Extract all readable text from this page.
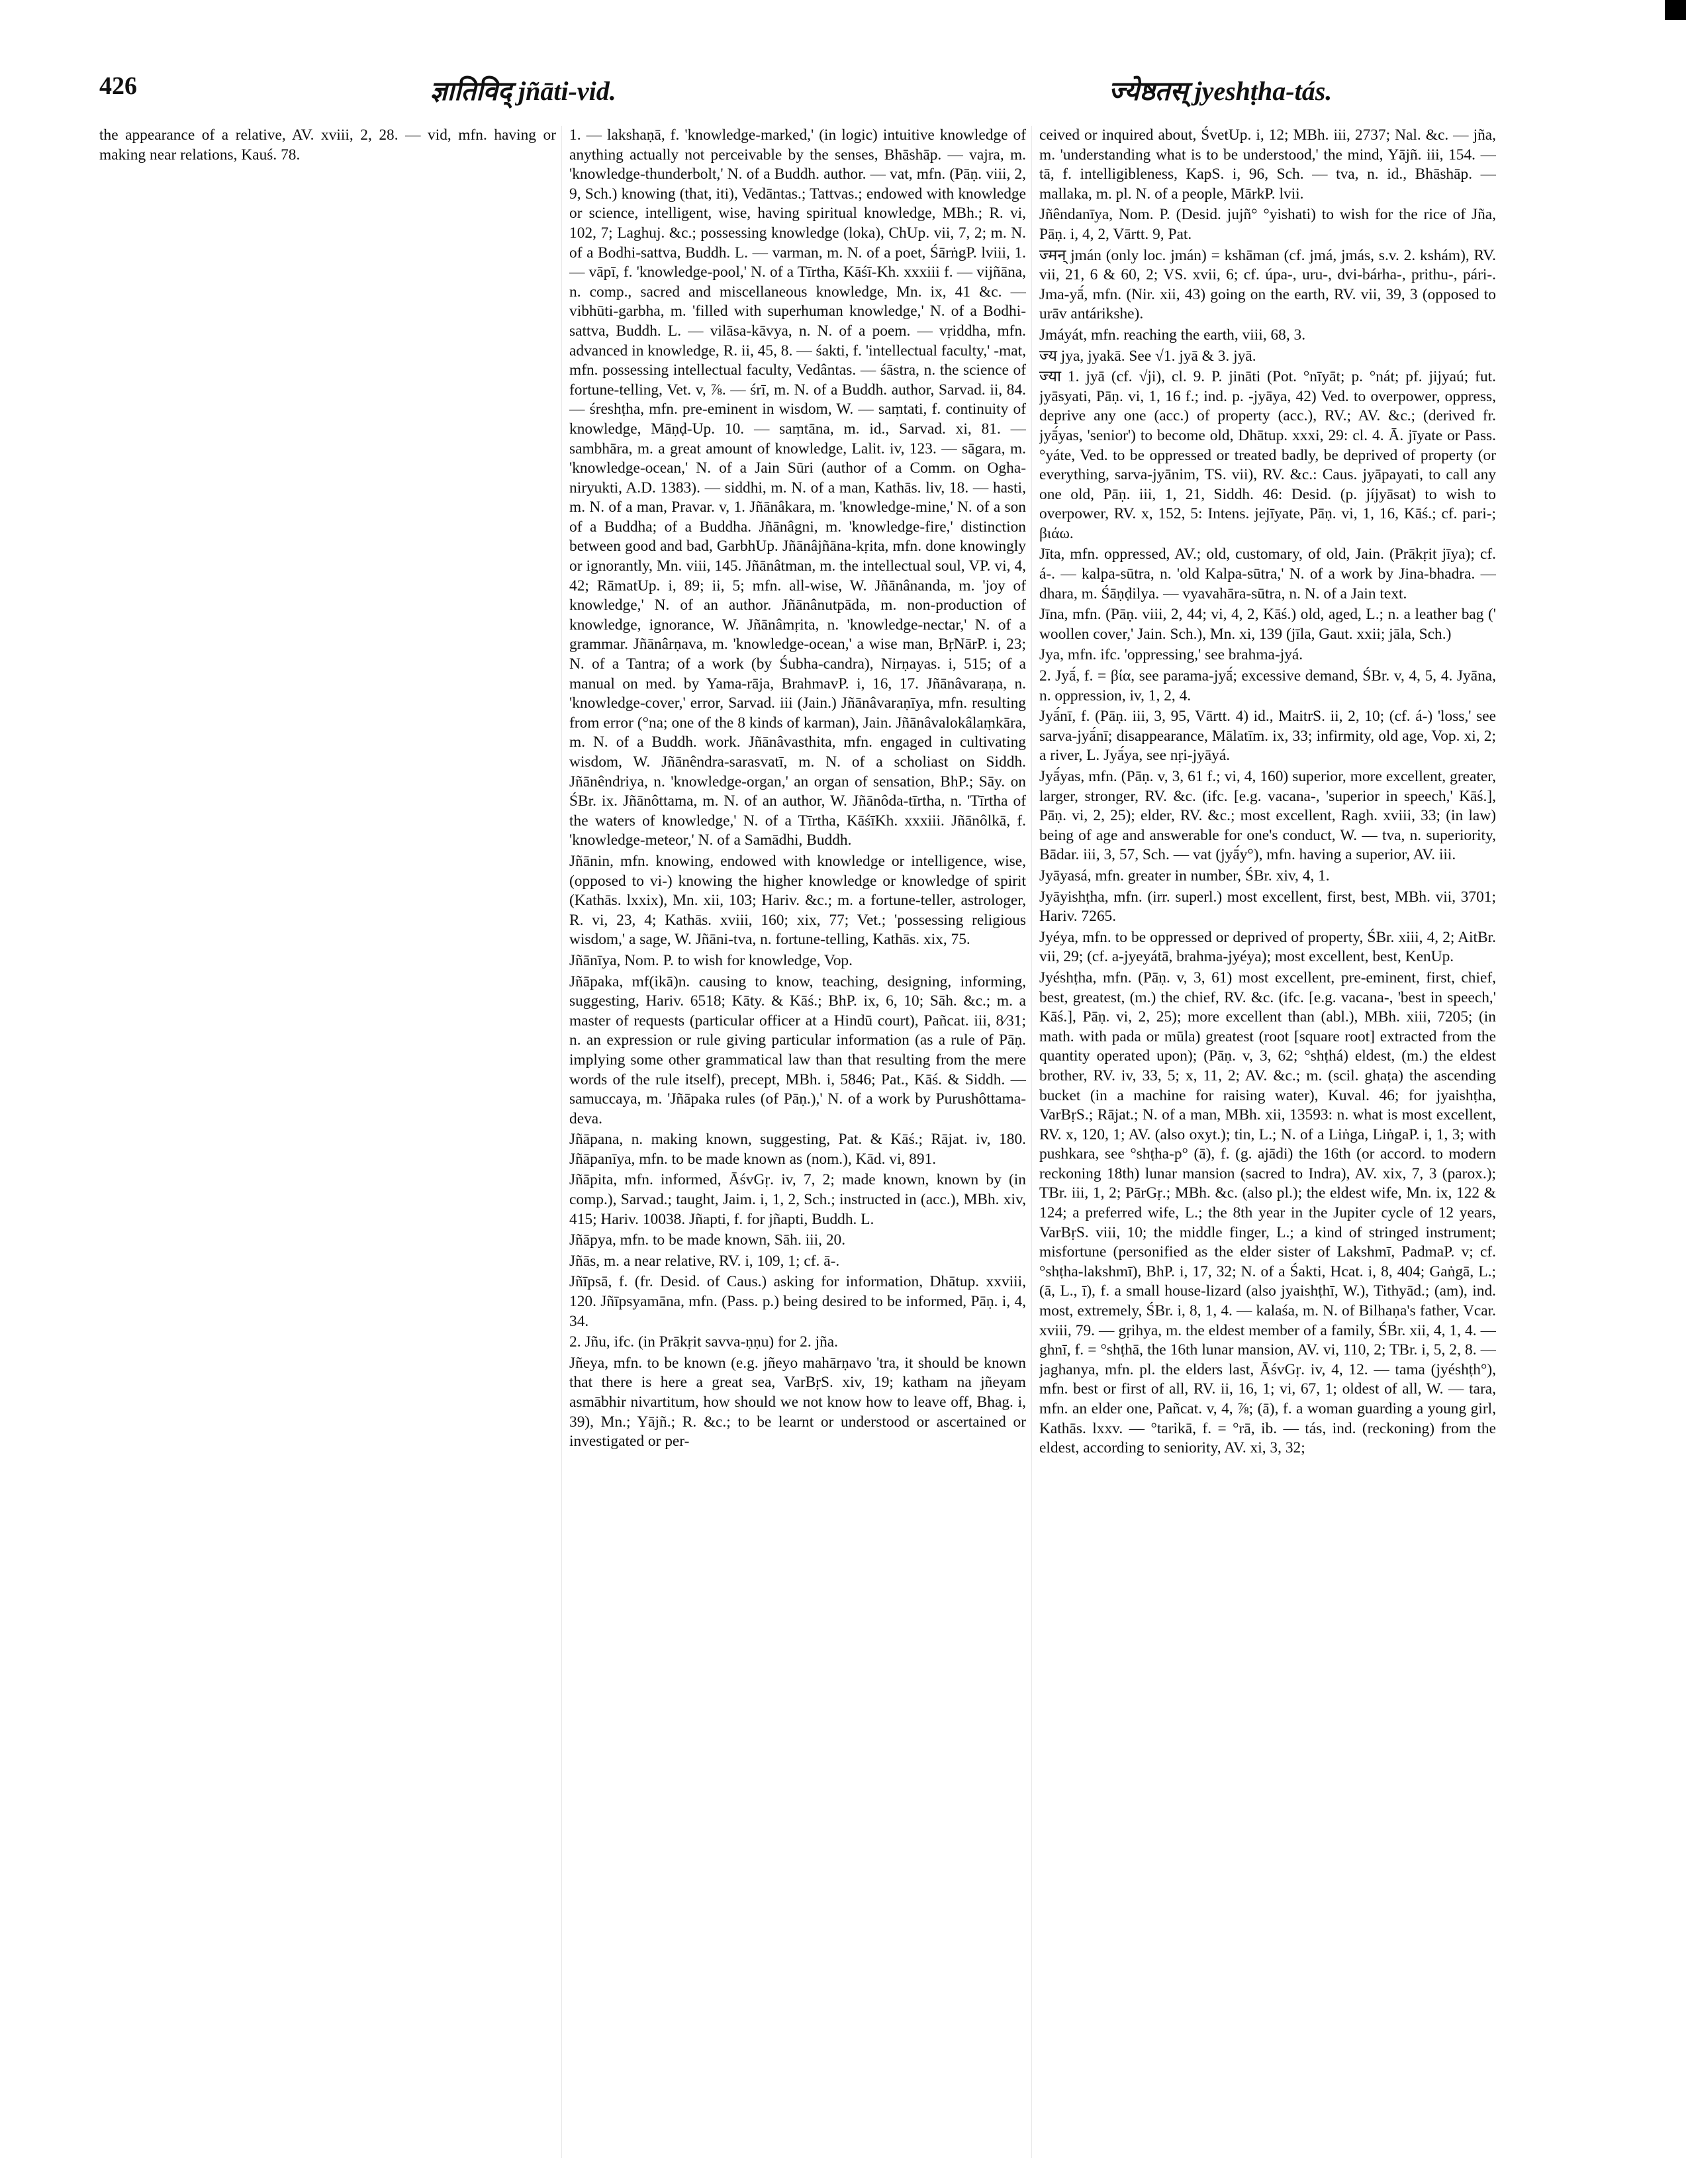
426	ज्ञातिविद् jñāti-vid.	ज्येष्ठतस् jyeshṭha-tás.

the appearance of a relative, AV. xviii, 2, 28. — vid, mfn. having or making near relations, Kauś. 78.

1. — lakshaṇā, f. 'knowledge-marked,' (in logic) intuitive knowledge of anything actually not perceivable by the senses, Bhāshāp. — vajra, m. 'knowledge-thunderbolt,' N. of a Buddh. author. — vat, mfn. (Pāṇ. viii, 2, 9, Sch.) knowing (that, iti), Vedāntas.; Tattvas.; endowed with knowledge or science, intelligent, wise, having spiritual knowledge, MBh.; R. vi, 102, 7; Laghuj. &c.; possessing knowledge (loka), ChUp. vii, 7, 2; m. N. of a Bodhi-sattva, Buddh. L. — varman, m. N. of a poet, ŚārṅgP. lviii, 1. — vāpī, f. 'knowledge-pool,' N. of a Tīrtha, Kāśī-Kh. xxxiii f. — vijñāna, n. comp., sacred and miscellaneous knowledge, Mn. ix, 41 &c. — vibhūti-garbha, m. 'filled with superhuman knowledge,' N. of a Bodhi-sattva, Buddh. L. — vilāsa-kāvya, n. N. of a poem. — vṛiddha, mfn. advanced in knowledge, R. ii, 45, 8. — śakti, f. 'intellectual faculty,' -mat, mfn. possessing intellectual faculty, Vedântas. — śāstra, n. the science of fortune-telling, Vet. v, ⅞. — śrī, m. N. of a Buddh. author, Sarvad. ii, 84. — śreshṭha, mfn. pre-eminent in wisdom, W. — saṃtati, f. continuity of knowledge, Māṇḍ-Up. 10. — saṃtāna, m. id., Sarvad. xi, 81. — sambhāra, m. a great amount of knowledge, Lalit. iv, 123. — sāgara, m. 'knowledge-ocean,' N. of a Jain Sūri (author of a Comm. on Ogha-niryukti, A.D. 1383). — siddhi, m. N. of a man, Kathās. liv, 18. — hasti, m. N. of a man, Pravar. v, 1. Jñānâkara, m. 'knowledge-mine,' N. of a son of a Buddha; of a Buddha. Jñānâgni, m. 'knowledge-fire,' distinction between good and bad, GarbhUp. Jñānâjñāna-kṛita, mfn. done knowingly or ignorantly, Mn. viii, 145. Jñānâtman, m. the intellectual soul, VP. vi, 4, 42; RāmatUp. i, 89; ii, 5; mfn. all-wise, W. Jñānânanda, m. 'joy of knowledge,' N. of an author. Jñānânutpāda, m. non-production of knowledge, ignorance, W. Jñānâmṛita, n. 'knowledge-nectar,' N. of a grammar. Jñānârṇava, m. 'knowledge-ocean,' a wise man, BṛNārP. i, 23; N. of a Tantra; of a work (by Śubha-candra), Nirṇayas. i, 515; of a manual on med. by Yama-rāja, BrahmavP. i, 16, 17. Jñānâvaraṇa, n. 'knowledge-cover,' error, Sarvad. iii (Jain.) Jñānâvaraṇīya, mfn. resulting from error (°na; one of the 8 kinds of karman), Jain. Jñānâvalokâlaṃkāra, m. N. of a Buddh. work. Jñānâvasthita, mfn. engaged in cultivating wisdom, W. Jñānêndra-sarasvatī, m. N. of a scholiast on Siddh. Jñānêndriya, n. 'knowledge-organ,' an organ of sensation, BhP.; Sāy. on ŚBr. ix. Jñānôttama, m. N. of an author, W. Jñānôda-tīrtha, n. 'Tīrtha of the waters of knowledge,' N. of a Tīrtha, KāśīKh. xxxiii. Jñānôlkā, f. 'knowledge-meteor,' N. of a Samādhi, Buddh.

Jñānin, mfn. knowing, endowed with knowledge or intelligence, wise, (opposed to vi-) knowing the higher knowledge or knowledge of spirit (Kathās. lxxix), Mn. xii, 103; Hariv. &c.; m. a fortune-teller, astrologer, R. vi, 23, 4; Kathās. xviii, 160; xix, 77; Vet.; 'possessing religious wisdom,' a sage, W. Jñāni-tva, n. fortune-telling, Kathās. xix, 75.

Jñānīya, Nom. P. to wish for knowledge, Vop.

Jñāpaka, mf(ikā)n. causing to know, teaching, designing, informing, suggesting, Hariv. 6518; Kāty. & Kāś.; BhP. ix, 6, 10; Sāh. &c.; m. a master of requests (particular officer at a Hindū court), Pañcat. iii, 8⁄31; n. an expression or rule giving particular information (as a rule of Pāṇ. implying some other grammatical law than that resulting from the mere words of the rule itself), precept, MBh. i, 5846; Pat., Kāś. & Siddh. — samuccaya, m. 'Jñāpaka rules (of Pāṇ.),' N. of a work by Purushôttama-deva.

Jñāpana, n. making known, suggesting, Pat. & Kāś.; Rājat. iv, 180. Jñāpanīya, mfn. to be made known as (nom.), Kād. vi, 891.

Jñāpita, mfn. informed, ĀśvGṛ. iv, 7, 2; made known, known by (in comp.), Sarvad.; taught, Jaim. i, 1, 2, Sch.; instructed in (acc.), MBh. xiv, 415; Hariv. 10038. Jñapti, f. for jñapti, Buddh. L.

Jñāpya, mfn. to be made known, Sāh. iii, 20.

Jñās, m. a near relative, RV. i, 109, 1; cf. ā-.

Jñīpsā, f. (fr. Desid. of Caus.) asking for information, Dhātup. xxviii, 120. Jñīpsyamāna, mfn. (Pass. p.) being desired to be informed, Pāṇ. i, 4, 34.

2. Jñu, ifc. (in Prākṛit savva-ṇṇu) for 2. jña.

Jñeya, mfn. to be known (e.g. jñeyo mahārṇavo 'tra, it should be known that there is here a great sea, VarBṛS. xiv, 19; katham na jñeyam asmābhir nivartitum, how should we not know how to leave off, Bhag. i, 39), Mn.; Yājñ.; R. &c.; to be learnt or understood or ascertained or investigated or per-

ceived or inquired about, ŚvetUp. i, 12; MBh. iii, 2737; Nal. &c. — jña, m. 'understanding what is to be understood,' the mind, Yājñ. iii, 154. — tā, f. intelligibleness, KapS. i, 96, Sch. — tva, n. id., Bhāshāp. — mallaka, m. pl. N. of a people, MārkP. lvii.

Jñêndanīya, Nom. P. (Desid. jujñ° °yishati) to wish for the rice of Jña, Pāṇ. i, 4, 2, Vārtt. 9, Pat.

ज्मन् jmán (only loc. jmán) = kshāman (cf. jmá, jmás, s.v. 2. kshám), RV. vii, 21, 6 & 60, 2; VS. xvii, 6; cf. úpa-, uru-, dvi-bárha-, prithu-, pári-. Jma-yā́, mfn. (Nir. xii, 43) going on the earth, RV. vii, 39, 3 (opposed to urāv antárikshe).

Jmáyát, mfn. reaching the earth, viii, 68, 3.

ज्य jya, jyakā. See √1. jyā & 3. jyā.

ज्या 1. jyā (cf. √ji), cl. 9. P. jināti (Pot. °nīyāt; p. °nát; pf. jijyaú; fut. jyāsyati, Pāṇ. vi, 1, 16 f.; ind. p. -jyāya, 42) Ved. to overpower, oppress, deprive any one (acc.) of property (acc.), RV.; AV. &c.; (derived fr. jyā́yas, 'senior') to become old, Dhātup. xxxi, 29: cl. 4. Ā. jīyate or Pass. °yáte, Ved. to be oppressed or treated badly, be deprived of property (or everything, sarva-jyānim, TS. vii), RV. &c.: Caus. jyāpayati, to call any one old, Pāṇ. iii, 1, 21, Siddh. 46: Desid. (p. jíjyāsat) to wish to overpower, RV. x, 152, 5: Intens. jejīyate, Pāṇ. vi, 1, 16, Kāś.; cf. pari-; βιάω.

Jīta, mfn. oppressed, AV.; old, customary, of old, Jain. (Prākṛit jīya); cf. á-. — kalpa-sūtra, n. 'old Kalpa-sūtra,' N. of a work by Jina-bhadra. — dhara, m. Śāṇḍilya. — vyavahāra-sūtra, n. N. of a Jain text.

Jīna, mfn. (Pāṇ. viii, 2, 44; vi, 4, 2, Kāś.) old, aged, L.; n. a leather bag (' woollen cover,' Jain. Sch.), Mn. xi, 139 (jīla, Gaut. xxii; jāla, Sch.)

Jya, mfn. ifc. 'oppressing,' see brahma-jyá.

2. Jyā́, f. = βία, see parama-jyā́; excessive demand, ŚBr. v, 4, 5, 4. Jyāna, n. oppression, iv, 1, 2, 4.

Jyā́nī, f. (Pāṇ. iii, 3, 95, Vārtt. 4) id., MaitrS. ii, 2, 10; (cf. á-) 'loss,' see sarva-jyā́nī; disappearance, Mālatīm. ix, 33; infirmity, old age, Vop. xi, 2; a river, L. Jyā́ya, see nṛi-jyāyá.

Jyā́yas, mfn. (Pāṇ. v, 3, 61 f.; vi, 4, 160) superior, more excellent, greater, larger, stronger, RV. &c. (ifc. [e.g. vacana-, 'superior in speech,' Kāś.], Pāṇ. vi, 2, 25); elder, RV. &c.; most excellent, Ragh. xviii, 33; (in law) being of age and answerable for one's conduct, W. — tva, n. superiority, Bādar. iii, 3, 57, Sch. — vat (jyā́y°), mfn. having a superior, AV. iii.

Jyāyasá, mfn. greater in number, ŚBr. xiv, 4, 1.

Jyāyishṭha, mfn. (irr. superl.) most excellent, first, best, MBh. vii, 3701; Hariv. 7265.

Jyéya, mfn. to be oppressed or deprived of property, ŚBr. xiii, 4, 2; AitBr. vii, 29; (cf. a-jyeyátā, brahma-jyéya); most excellent, best, KenUp.

Jyéshṭha, mfn. (Pāṇ. v, 3, 61) most excellent, pre-eminent, first, chief, best, greatest, (m.) the chief, RV. &c. (ifc. [e.g. vacana-, 'best in speech,' Kāś.], Pāṇ. vi, 2, 25); more excellent than (abl.), MBh. xiii, 7205; (in math. with pada or mūla) greatest (root [square root] extracted from the quantity operated upon); (Pāṇ. v, 3, 62; °shṭhá) eldest, (m.) the eldest brother, RV. iv, 33, 5; x, 11, 2; AV. &c.; m. (scil. ghaṭa) the ascending bucket (in a machine for raising water), Kuval. 46; for jyaishṭha, VarBṛS.; Rājat.; N. of a man, MBh. xii, 13593: n. what is most excellent, RV. x, 120, 1; AV. (also oxyt.); tin, L.; N. of a Liṅga, LiṅgaP. i, 1, 3; with pushkara, see °shṭha-p° (ā), f. (g. ajādi) the 16th (or accord. to modern reckoning 18th) lunar mansion (sacred to Indra), AV. xix, 7, 3 (parox.); TBr. iii, 1, 2; PārGṛ.; MBh. &c. (also pl.); the eldest wife, Mn. ix, 122 & 124; a preferred wife, L.; the 8th year in the Jupiter cycle of 12 years, VarBṛS. viii, 10; the middle finger, L.; a kind of stringed instrument; misfortune (personified as the elder sister of Lakshmī, PadmaP. v; cf. °shṭha-lakshmī), BhP. i, 17, 32; N. of a Śakti, Hcat. i, 8, 404; Gaṅgā, L.; (ā, L., ī), f. a small house-lizard (also jyaishṭhī, W.), Tithyād.; (am), ind. most, extremely, ŚBr. i, 8, 1, 4. — kalaśa, m. N. of Bilhaṇa's father, Vcar. xviii, 79. — gṛihya, m. the eldest member of a family, ŚBr. xii, 4, 1, 4. — ghnī, f. = °shṭhā, the 16th lunar mansion, AV. vi, 110, 2; TBr. i, 5, 2, 8. — jaghanya, mfn. pl. the elders last, ĀśvGṛ. iv, 4, 12. — tama (jyéshṭh°), mfn. best or first of all, RV. ii, 16, 1; vi, 67, 1; oldest of all, W. — tara, mfn. an elder one, Pañcat. v, 4, ⅞; (ā), f. a woman guarding a young girl, Kathās. lxxv. — °tarikā, f. = °rā, ib. — tás, ind. (reckoning) from the eldest, according to seniority, AV. xi, 3, 32;
